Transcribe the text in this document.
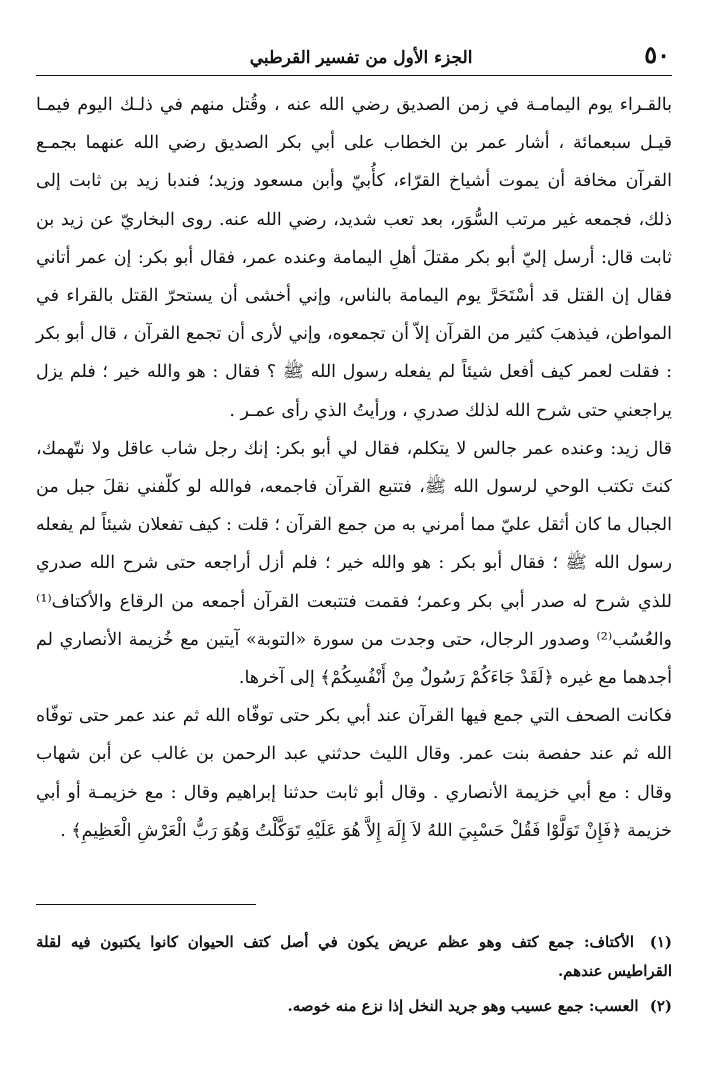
٥٠
الجزء الأول من تفسير القرطبي

بالقـراء يوم اليمامـة في زمن الصديق رضي الله عنه ، وقُتل منهم في ذلـك اليوم فيمـا قيـل سبعمائة ، أشار عمر بن الخطاب على أبي بكر الصديق رضي الله عنهما بجمـع القرآن مخافة أن يموت أشياخ القرّاء، كأُبيّ وأبن مسعود وزيد؛ فندبا زيد بن ثابت إلى ذلك، فجمعه غير مرتب السُّوَر، بعد تعب شديد، رضي الله عنه. روى البخاريّ عن زيد بن ثابت قال: أرسل إليّ أبو بكر مقتلَ أهلِ اليمامة وعنده عمر، فقال أبو بكر: إن عمر أتاني فقال إن القتل قد أسْتَحَرَّ يوم اليمامة بالناس، وإني أخشى أن يستحرّ القتل بالقراء في المواطن، فيذهبَ كثير من القرآن إلاّ أن تجمعوه، وإني لأرى أن تجمع القرآن ، قال أبو بكر : فقلت لعمر كيف أفعل شيئاً لم يفعله رسول الله ﷺ ؟ فقال : هو والله خير ؛ فلم يزل يراجعني حتى شرح الله لذلك صدري ، ورأيتُ الذي رأى عمـر .

قال زيد: وعنده عمر جالس لا يتكلم، فقال لي أبو بكر: إنك رجل شاب عاقل ولا نتّهمك، كنتَ تكتب الوحي لرسول الله ﷺ، فتتبع القرآن فاجمعه، فوالله لو كلّفني نقلَ جبل من الجبال ما كان أثقل عليّ مما أمرني به من جمع القرآن ؛ قلت : كيف تفعلان شيئاً لم يفعله رسول الله ﷺ ؛ فقال أبو بكر : هو والله خير ؛ فلم أزل أراجعه حتى شرح الله صدري للذي شرح له صدر أبي بكر وعمر؛ فقمت فتتبعت القرآن أجمعه من الرقاع والأكتاف⁽¹⁾ والعُسُب⁽²⁾ وصدور الرجال، حتى وجدت من سورة «التوبة» آيتين مع خُزيمة الأنصاري لم أجدهما مع غيره ﴿لَقَدْ جَاءَكُمْ رَسُولٌ مِنْ أَنْفُسِكُمْ﴾ إلى آخرها.

فكانت الصحف التي جمع فيها القرآن عند أبي بكر حتى توفّاه الله ثم عند عمر حتى توفّاه الله ثم عند حفصة بنت عمر. وقال الليث حدثني عبد الرحمن بن غالب عن أبن شهاب وقال : مع أبي خزيمة الأنصاري . وقال أبو ثابت حدثنا إبراهيم وقال : مع خزيمـة أو أبي خزيمة ﴿فَإِنْ تَوَلَّوْا فَقُلْ حَسْبِيَ اللهُ لاَ إِلَهَ إِلاَّ هُوَ عَلَيْهِ تَوَكَّلْتُ وَهُوَ رَبُّ الْعَرْشِ الْعَظِيمِ﴾ .

(١) الأكتاف: جمع كتف وهو عظم عريض يكون في أصل كتف الحيوان كانوا يكتبون فيه لقلة القراطيس عندهم.

(٢) العسب: جمع عسيب وهو جريد النخل إذا نزع منه خوصه.
